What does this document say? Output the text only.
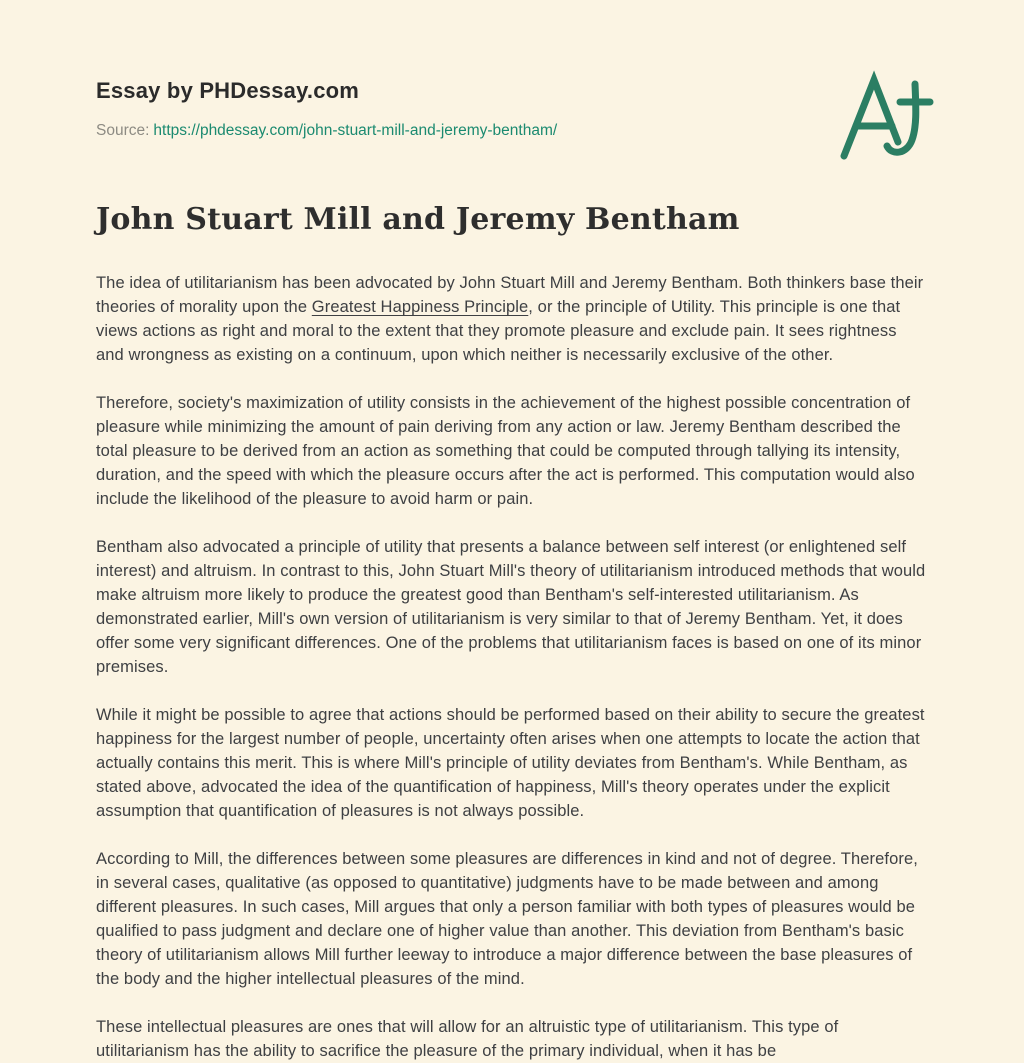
Essay by PHDessay.com
Source: https://phdessay.com/john-stuart-mill-and-jeremy-bentham/
John Stuart Mill and Jeremy Bentham

The idea of utilitarianism has been advocated by John Stuart Mill and Jeremy Bentham. Both thinkers base their theories of morality upon the Greatest Happiness Principle, or the principle of Utility. This principle is one that views actions as right and moral to the extent that they promote pleasure and exclude pain. It sees rightness and wrongness as existing on a continuum, upon which neither is necessarily exclusive of the other.

Therefore, society's maximization of utility consists in the achievement of the highest possible concentration of pleasure while minimizing the amount of pain deriving from any action or law. Jeremy Bentham described the total pleasure to be derived from an action as something that could be computed through tallying its intensity, duration, and the speed with which the pleasure occurs after the act is performed. This computation would also include the likelihood of the pleasure to avoid harm or pain.

Bentham also advocated a principle of utility that presents a balance between self interest (or enlightened self interest) and altruism. In contrast to this, John Stuart Mill's theory of utilitarianism introduced methods that would make altruism more likely to produce the greatest good than Bentham's self-interested utilitarianism. As demonstrated earlier, Mill's own version of utilitarianism is very similar to that of Jeremy Bentham. Yet, it does offer some very significant differences. One of the problems that utilitarianism faces is based on one of its minor premises.

While it might be possible to agree that actions should be performed based on their ability to secure the greatest happiness for the largest number of people, uncertainty often arises when one attempts to locate the action that actually contains this merit. This is where Mill's principle of utility deviates from Bentham's. While Bentham, as stated above, advocated the idea of the quantification of happiness, Mill's theory operates under the explicit assumption that quantification of pleasures is not always possible.

According to Mill, the differences between some pleasures are differences in kind and not of degree. Therefore, in several cases, qualitative (as opposed to quantitative) judgments have to be made between and among different pleasures. In such cases, Mill argues that only a person familiar with both types of pleasures would be qualified to pass judgment and declare one of higher value than another. This deviation from Bentham's basic theory of utilitarianism allows Mill further leeway to introduce a major difference between the base pleasures of the body and the higher intellectual pleasures of the mind.

These intellectual pleasures are ones that will allow for an altruistic type of utilitarianism. This type of utilitarianism has the ability to sacrifice the pleasure of the primary individual, when it has be
